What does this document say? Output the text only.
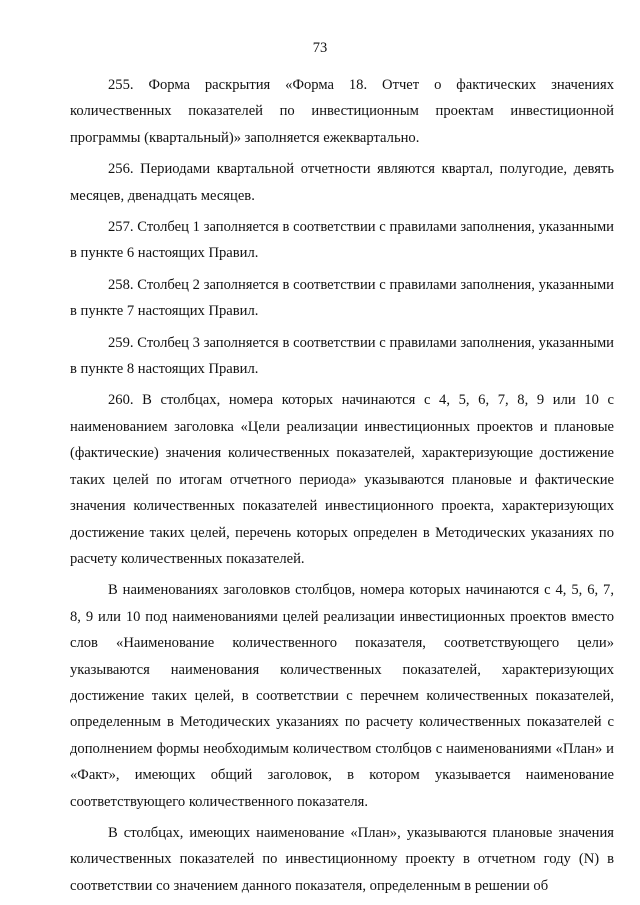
73

255. Форма раскрытия «Форма 18. Отчет о фактических значениях количественных показателей по инвестиционным проектам инвестиционной программы (квартальный)» заполняется ежеквартально.

256. Периодами квартальной отчетности являются квартал, полугодие, девять месяцев, двенадцать месяцев.

257. Столбец 1 заполняется в соответствии с правилами заполнения, указанными в пункте 6 настоящих Правил.

258. Столбец 2 заполняется в соответствии с правилами заполнения, указанными в пункте 7 настоящих Правил.

259. Столбец 3 заполняется в соответствии с правилами заполнения, указанными в пункте 8 настоящих Правил.

260. В столбцах, номера которых начинаются с 4, 5, 6, 7, 8, 9 или 10 с наименованием заголовка «Цели реализации инвестиционных проектов и плановые (фактические) значения количественных показателей, характеризующие достижение таких целей по итогам отчетного периода» указываются плановые и фактические значения количественных показателей инвестиционного проекта, характеризующих достижение таких целей, перечень которых определен в Методических указаниях по расчету количественных показателей.

В наименованиях заголовков столбцов, номера которых начинаются с 4, 5, 6, 7, 8, 9 или 10 под наименованиями целей реализации инвестиционных проектов вместо слов «Наименование количественного показателя, соответствующего цели» указываются наименования количественных показателей, характеризующих достижение таких целей, в соответствии с перечнем количественных показателей, определенным в Методических указаниях по расчету количественных показателей с дополнением формы необходимым количеством столбцов с наименованиями «План» и «Факт», имеющих общий заголовок, в котором указывается наименование соответствующего количественного показателя.

В столбцах, имеющих наименование «План», указываются плановые значения количественных показателей по инвестиционному проекту в отчетном году (N) в соответствии со значением данного показателя, определенным в решении об
